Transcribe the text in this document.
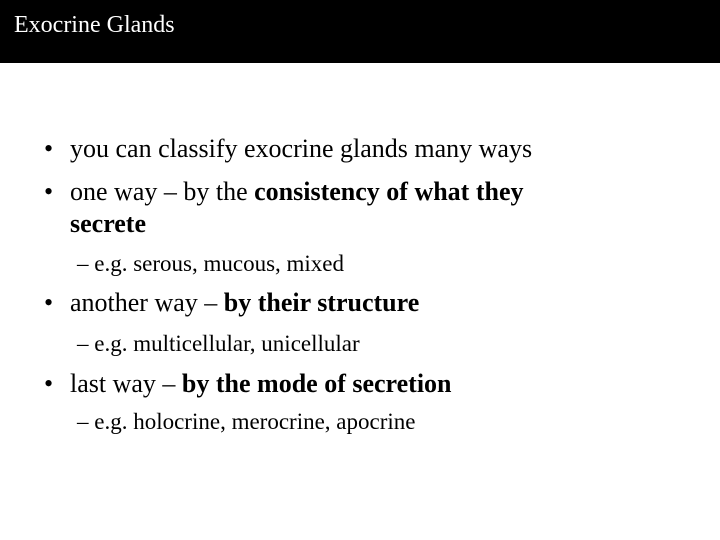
Exocrine Glands
• you can classify exocrine glands many ways
• one way – by the consistency of what they
secrete
– e.g. serous, mucous, mixed
• another way – by their structure
– e.g. multicellular, unicellular
• last way – by the mode of secretion
– e.g. holocrine, merocrine, apocrine
